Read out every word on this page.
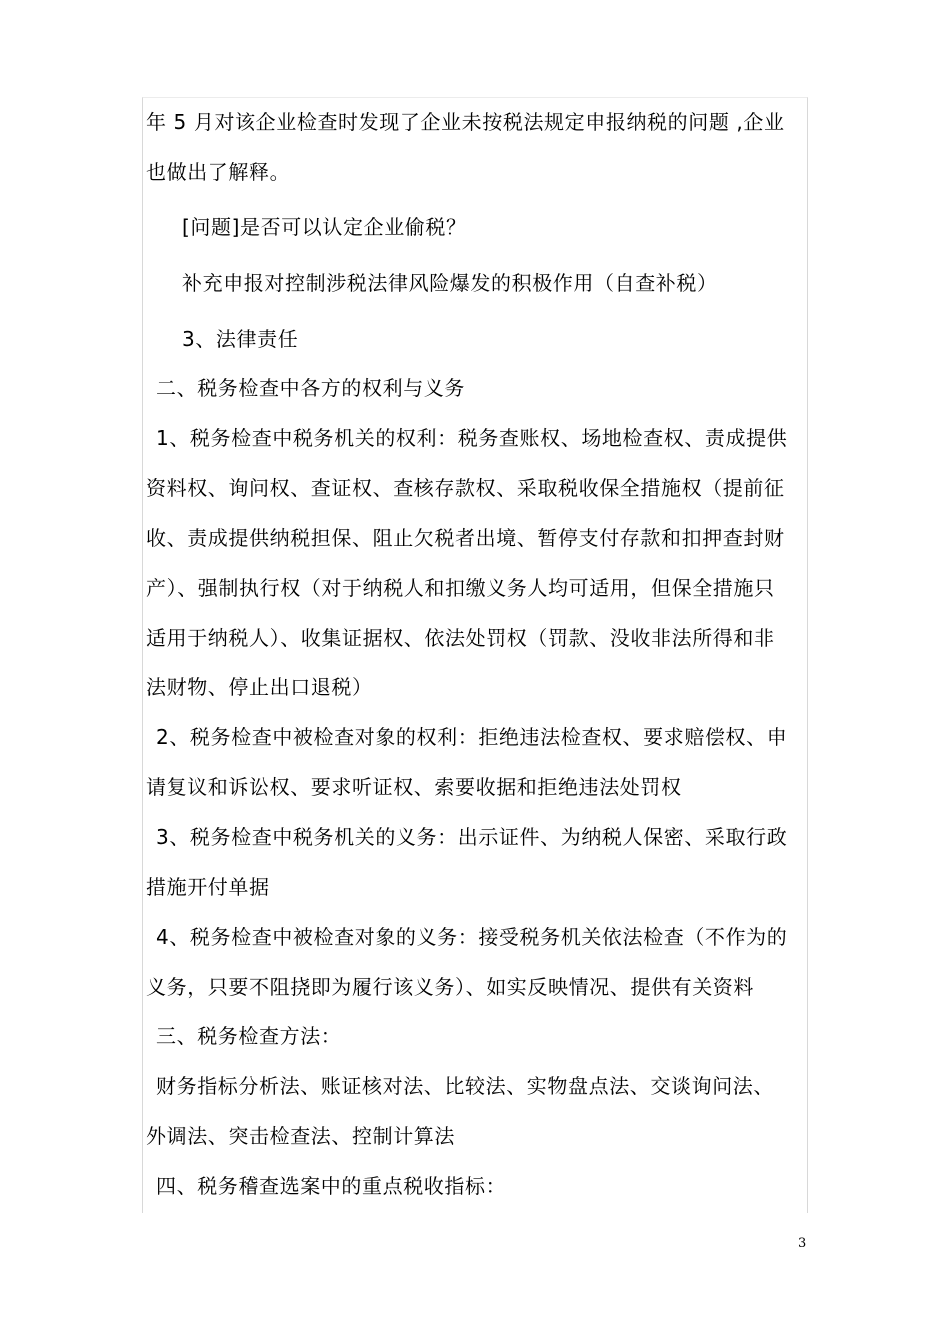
年 5 月对该企业检查时发现了企业未按税法规定申报纳税的问题 ,企业
也做出了解释。
[问题]是否可以认定企业偷税？
补充申报对控制涉税法律风险爆发的积极作用（自查补税）
3、法律责任
二、税务检查中各方的权利与义务
1、税务检查中税务机关的权利：税务查账权、场地检查权、责成提供
资料权、询问权、查证权、查核存款权、采取税收保全措施权（提前征
收、责成提供纳税担保、阻止欠税者出境、暂停支付存款和扣押查封财
产）、强制执行权（对于纳税人和扣缴义务人均可适用，但保全措施只
适用于纳税人）、收集证据权、依法处罚权（罚款、没收非法所得和非
法财物、停止出口退税）
2、税务检查中被检查对象的权利：拒绝违法检查权、要求赔偿权、申
请复议和诉讼权、要求听证权、索要收据和拒绝违法处罚权
3、税务检查中税务机关的义务：出示证件、为纳税人保密、采取行政
措施开付单据
4、税务检查中被检查对象的义务：接受税务机关依法检查（不作为的
义务，只要不阻挠即为履行该义务）、如实反映情况、提供有关资料
三、税务检查方法：
财务指标分析法、账证核对法、比较法、实物盘点法、交谈询问法、
外调法、突击检查法、控制计算法
四、税务稽查选案中的重点税收指标：
3
